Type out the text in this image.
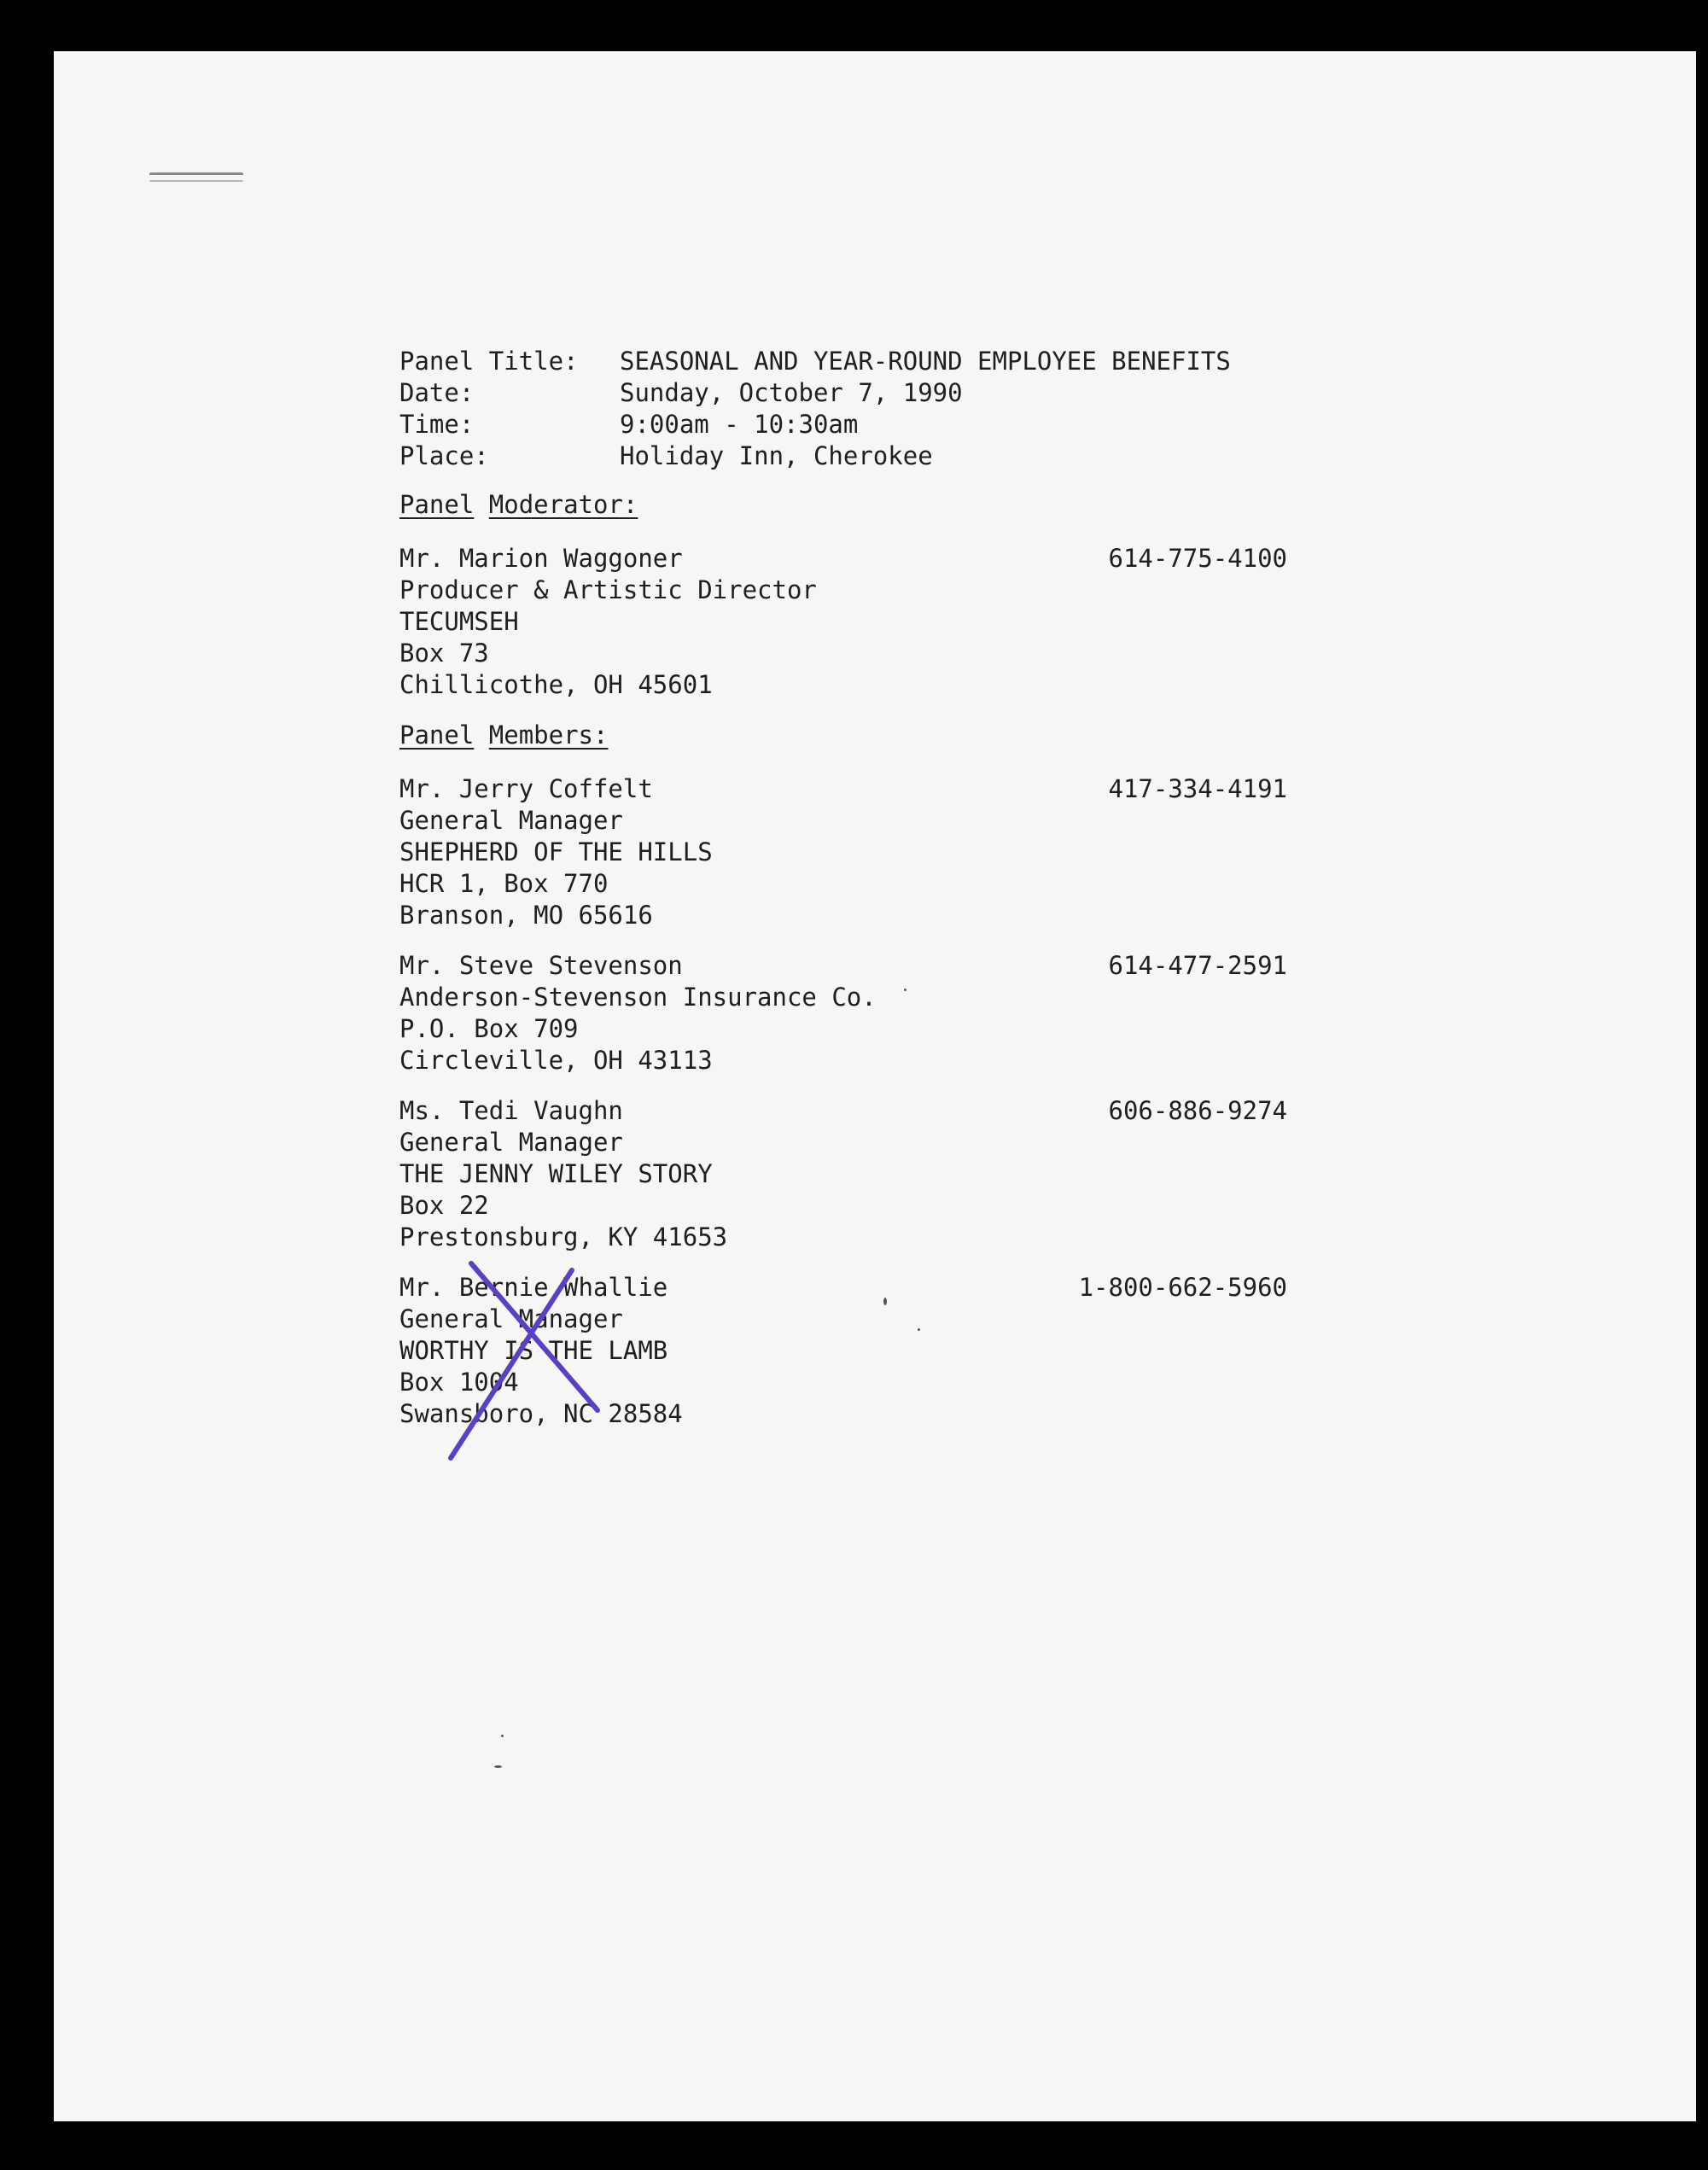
Panel Title:	SEASONAL AND YEAR-ROUND EMPLOYEE BENEFITS
Date:	Sunday, October 7, 1990
Time:	9:00am - 10:30am
Place:	Holiday Inn, Cherokee
Panel Moderator:
Mr. Marion Waggoner
Producer & Artistic Director
TECUMSEH
Box 73
Chillicothe, OH 45601
614-775-4100
Panel Members:
Mr. Jerry Coffelt
General Manager
SHEPHERD OF THE HILLS
HCR 1, Box 770
Branson, MO 65616
417-334-4191
Mr. Steve Stevenson
Anderson-Stevenson Insurance Co.
P.O. Box 709
Circleville, OH 43113
614-477-2591
Ms. Tedi Vaughn
General Manager
THE JENNY WILEY STORY
Box 22
Prestonsburg, KY 41653
606-886-9274
Mr. Bernie Whallie
General Manager
WORTHY IS THE LAMB
Box 1004
Swansboro, NC 28584
1-800-662-5960
